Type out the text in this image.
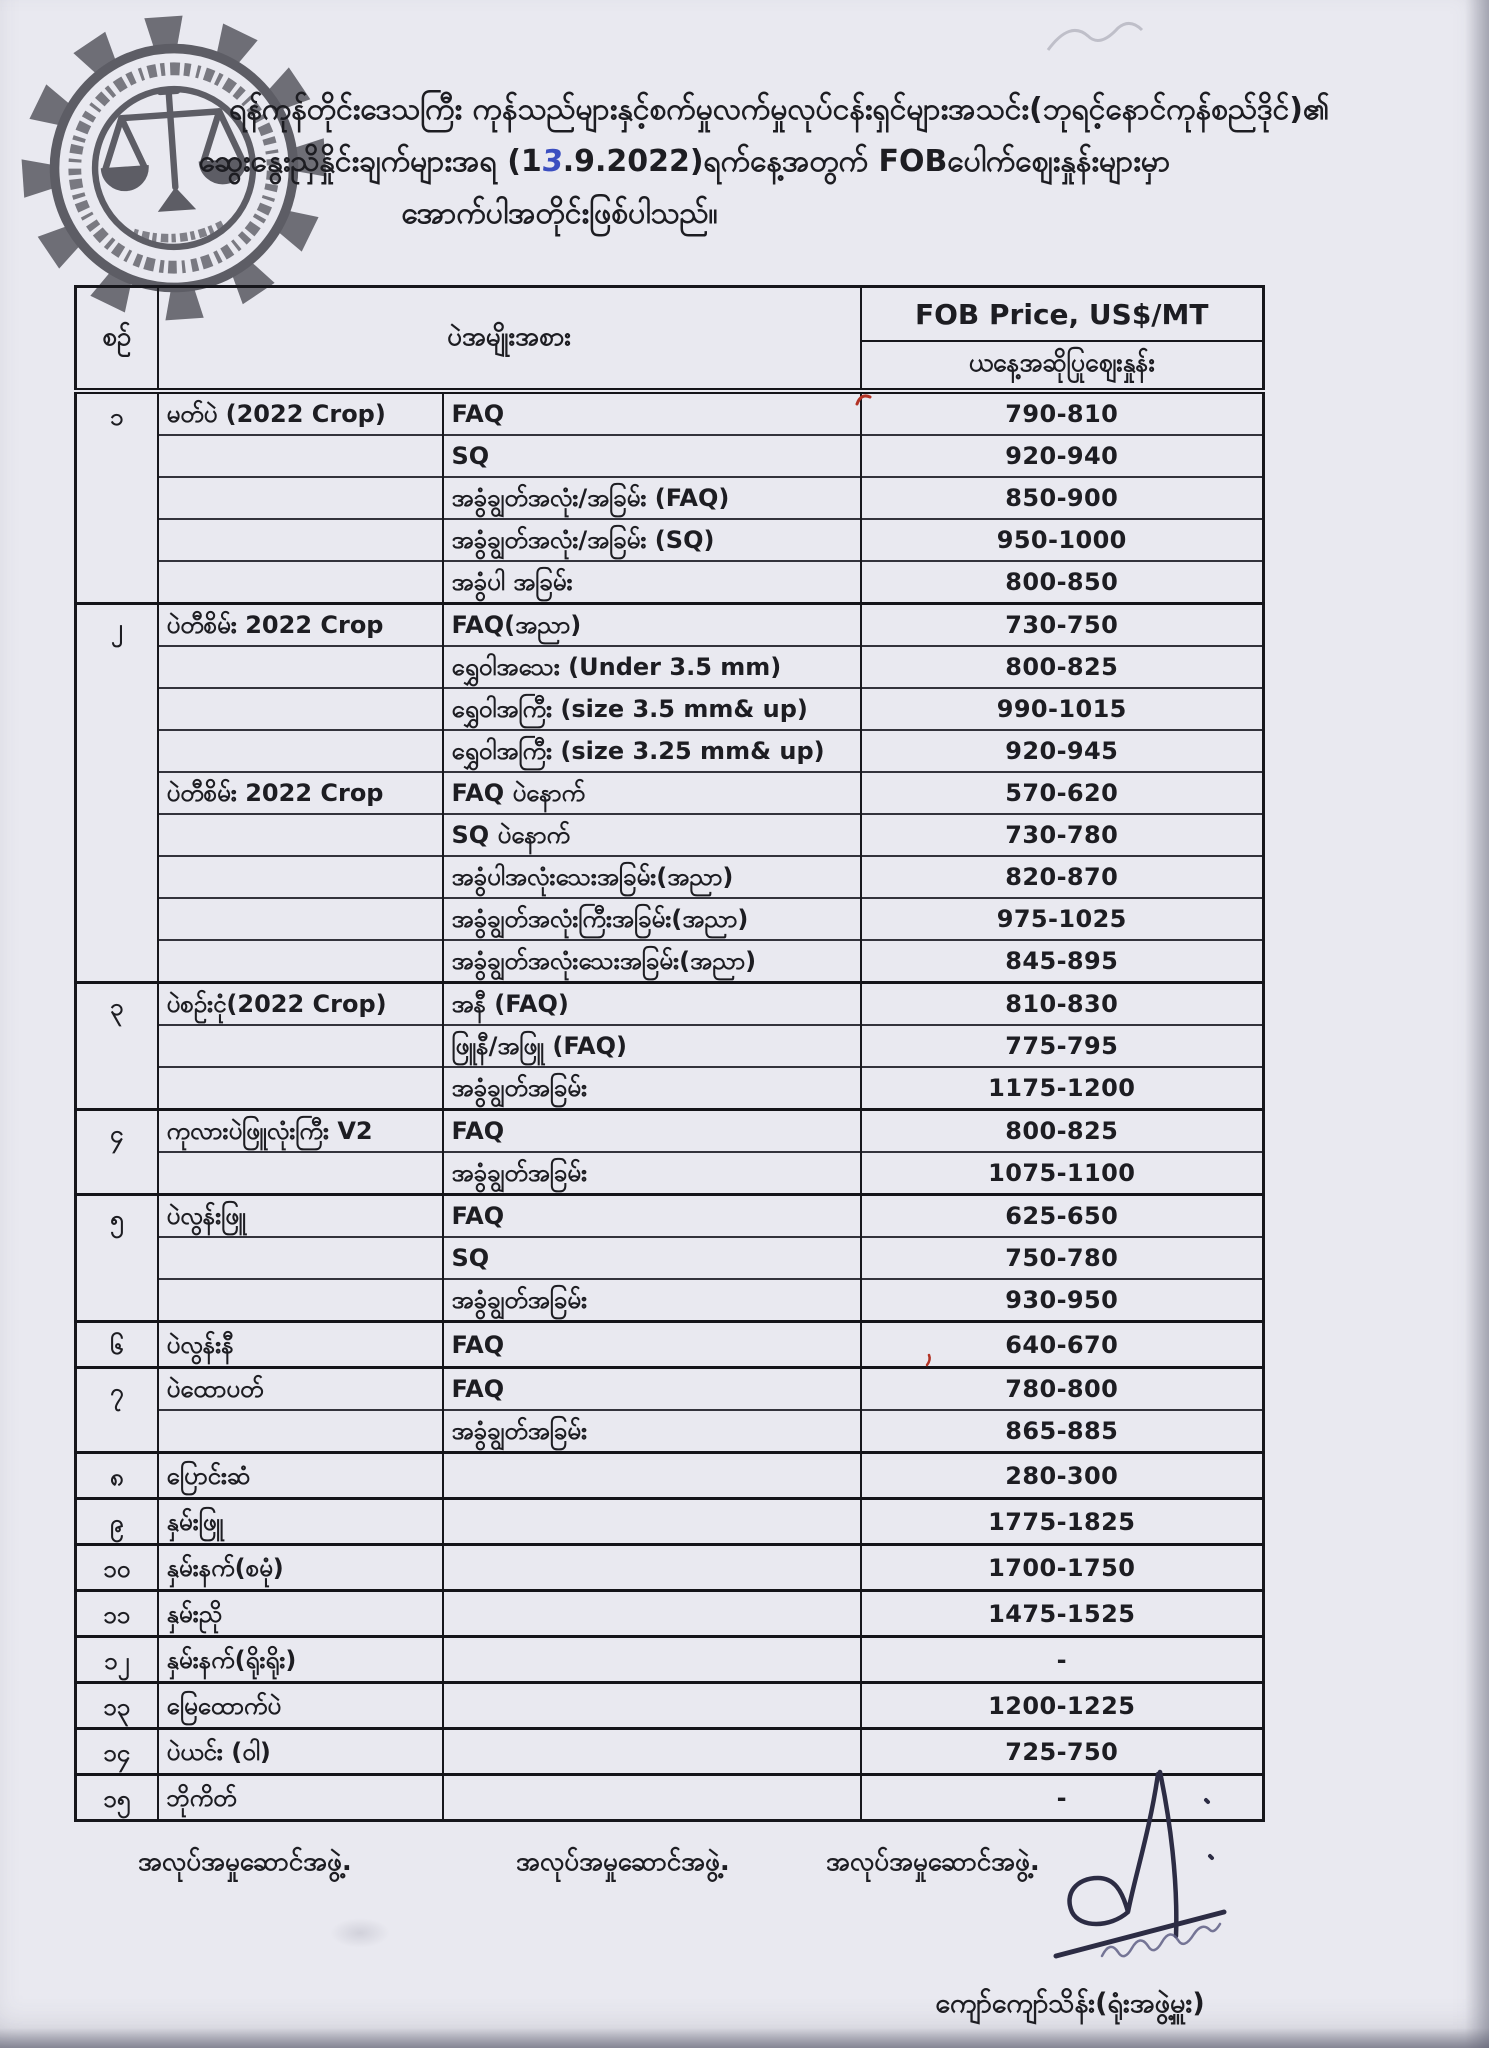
ရန်ကုန်တိုင်းဒေသကြီး ကုန်သည်များနှင့်စက်မှုလက်မှုလုပ်ငန်းရှင်များအသင်း(ဘုရင့်နောင်ကုန်စည်ဒိုင်)၏
ဆွေးနွေးညှိနှိုင်းချက်များအရ (13.9.2022)ရက်နေ့အတွက် FOBပေါက်ဈေးနှုန်းများမှာ
အောက်ပါအတိုင်းဖြစ်ပါသည်။
စဉ်	ပဲအမျိုးအစား		FOB Price, US$/MT
			ယနေ့အဆိုပြုဈေးနှုန်း
၁	မတ်ပဲ (2022 Crop)	FAQ	790-810
		SQ	920-940
		အခွံချွတ်အလုံး/အခြမ်း (FAQ)	850-900
		အခွံချွတ်အလုံး/အခြမ်း (SQ)	950-1000
		အခွံပါ အခြမ်း	800-850
၂	ပဲတီစိမ်း 2022 Crop	FAQ(အညာ)	730-750
		ရွှေဝါအသေး (Under 3.5 mm)	800-825
		ရွှေဝါအကြီး (size 3.5 mm& up)	990-1015
		ရွှေဝါအကြီး (size 3.25 mm& up)	920-945
	ပဲတီစိမ်း 2022 Crop	FAQ ပဲနောက်	570-620
		SQ ပဲနောက်	730-780
		အခွံပါအလုံးသေးအခြမ်း(အညာ)	820-870
		အခွံချွတ်အလုံးကြီးအခြမ်း(အညာ)	975-1025
		အခွံချွတ်အလုံးသေးအခြမ်း(အညာ)	845-895
၃	ပဲစဉ်းငုံ(2022 Crop)	အနီ (FAQ)	810-830
		ဖြူနီ/အဖြူ (FAQ)	775-795
		အခွံချွတ်အခြမ်း	1175-1200
၄	ကုလားပဲဖြူလုံးကြီး V2	FAQ	800-825
		အခွံချွတ်အခြမ်း	1075-1100
၅	ပဲလွန်းဖြူ	FAQ	625-650
		SQ	750-780
		အခွံချွတ်အခြမ်း	930-950
၆	ပဲလွန်းနီ	FAQ	640-670
၇	ပဲထောပတ်	FAQ	780-800
		အခွံချွတ်အခြမ်း	865-885
၈	ပြောင်းဆံ		280-300
၉	နှမ်းဖြူ		1775-1825
၁၀	နှမ်းနက်(စမုံ)		1700-1750
၁၁	နှမ်းညို		1475-1525
၁၂	နှမ်းနက်(ရိုးရိုး)		-
၁၃	မြေထောက်ပဲ		1200-1225
၁၄	ပဲယင်း (ဝါ)		725-750
၁၅	ဘိုကိတ်		-
အလုပ်အမှုဆောင်အဖွဲ့.	အလုပ်အမှုဆောင်အဖွဲ့.	အလုပ်အမှုဆောင်အဖွဲ့.
ကျော်ကျော်သိန်း(ရုံးအဖွဲ့မှူး)
